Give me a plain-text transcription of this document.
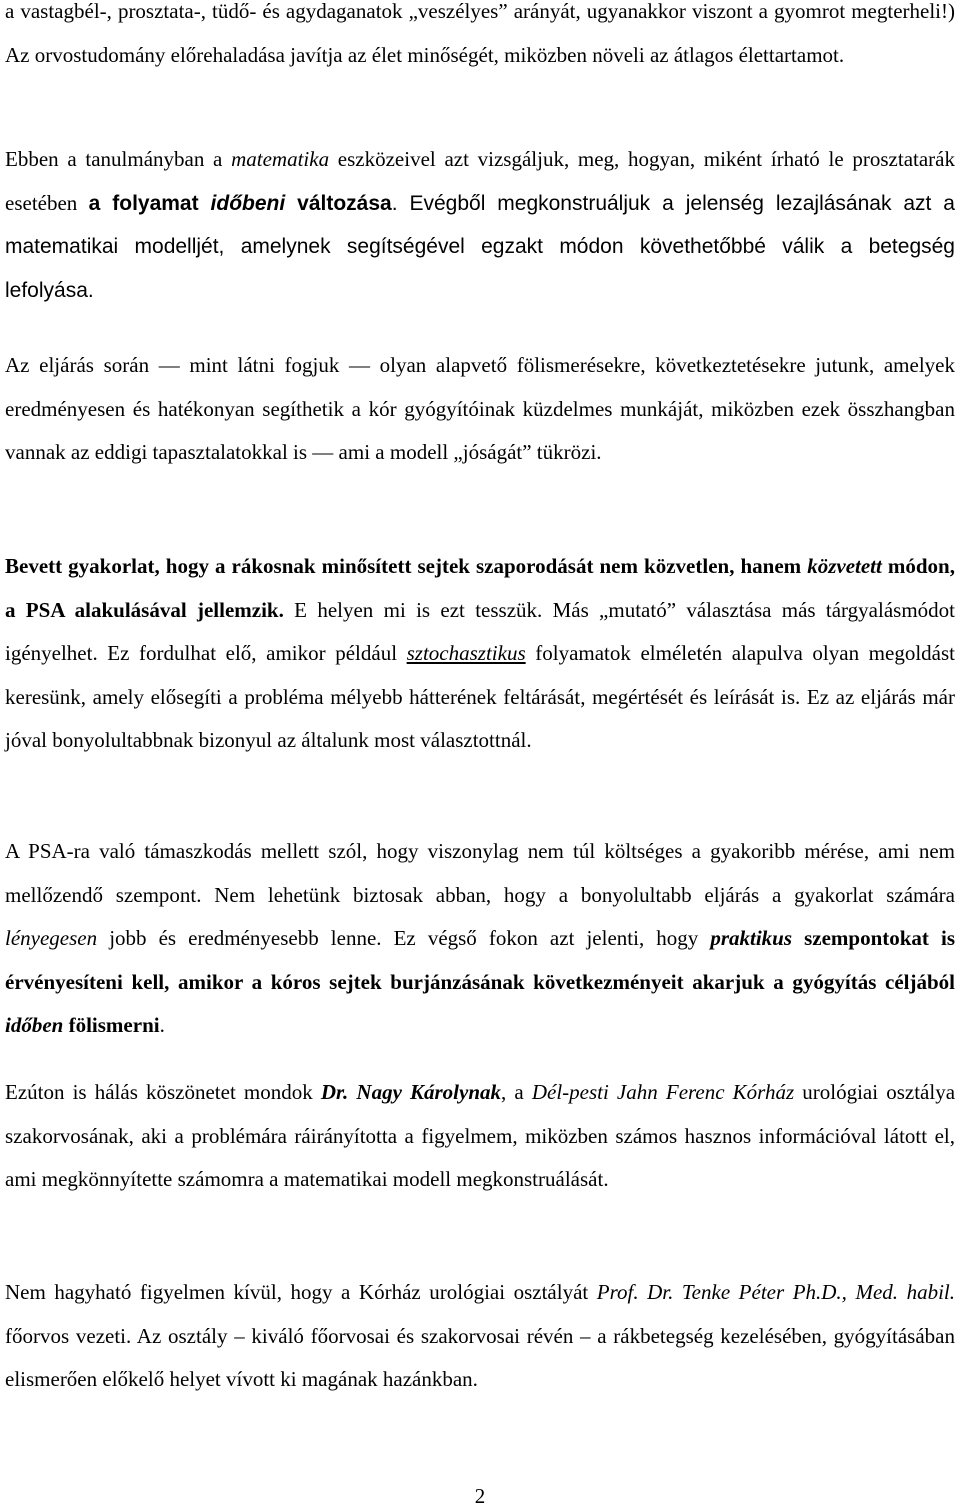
a vastagbél-, prosztata-, tüdő- és agydaganatok „veszélyes” arányát, ugyanakkor viszont a gyomrot megterheli!) Az orvostudomány előrehaladása javítja az élet minőségét, miközben növeli az átlagos élettartamot.

Ebben a tanulmányban a matematika eszközeivel azt vizsgáljuk, meg, hogyan, miként írható le prosztatarák esetében a folyamat időbeni változása. Evégből megkonstruáljuk a jelenség lezajlásának azt a matematikai modelljét, amelynek segítségével egzakt módon követhetőbbé válik a betegség lefolyása.

Az eljárás során — mint látni fogjuk — olyan alapvető fölismerésekre, következtetésekre jutunk, amelyek eredményesen és hatékonyan segíthetik a kór gyógyítóinak küzdelmes munkáját, miközben ezek összhangban vannak az eddigi tapasztalatokkal is — ami a modell „jóságát” tükrözi.

Bevett gyakorlat, hogy a rákosnak minősített sejtek szaporodását nem közvetlen, hanem közvetett módon, a PSA alakulásával jellemzik. E helyen mi is ezt tesszük. Más „mutató” választása más tárgyalásmódot igényelhet. Ez fordulhat elő, amikor például sztochasztikus folyamatok elméletén alapulva olyan megoldást keresünk, amely elősegíti a probléma mélyebb hátterének feltárását, megértését és leírását is. Ez az eljárás már jóval bonyolultabbnak bizonyul az általunk most választottnál.

A PSA-ra való támaszkodás mellett szól, hogy viszonylag nem túl költséges a gyakoribb mérése, ami nem mellőzendő szempont. Nem lehetünk biztosak abban, hogy a bonyolultabb eljárás a gyakorlat számára lényegesen jobb és eredményesebb lenne. Ez végső fokon azt jelenti, hogy praktikus szempontokat is érvényesíteni kell, amikor a kóros sejtek burjánzásának következményeit akarjuk a gyógyítás céljából időben fölismerni.

Ezúton is hálás köszönetet mondok Dr. Nagy Károlynak, a Dél-pesti Jahn Ferenc Kórház urológiai osztálya szakorvosának, aki a problémára ráirányította a figyelmem, miközben számos hasznos információval látott el, ami megkönnyítette számomra a matematikai modell megkonstruálását.

Nem hagyható figyelmen kívül, hogy a Kórház urológiai osztályát Prof. Dr. Tenke Péter Ph.D., Med. habil. főorvos vezeti. Az osztály – kiváló főorvosai és szakorvosai révén – a rákbetegség kezelésében, gyógyításában elismerően előkelő helyet vívott ki magának hazánkban.

2
